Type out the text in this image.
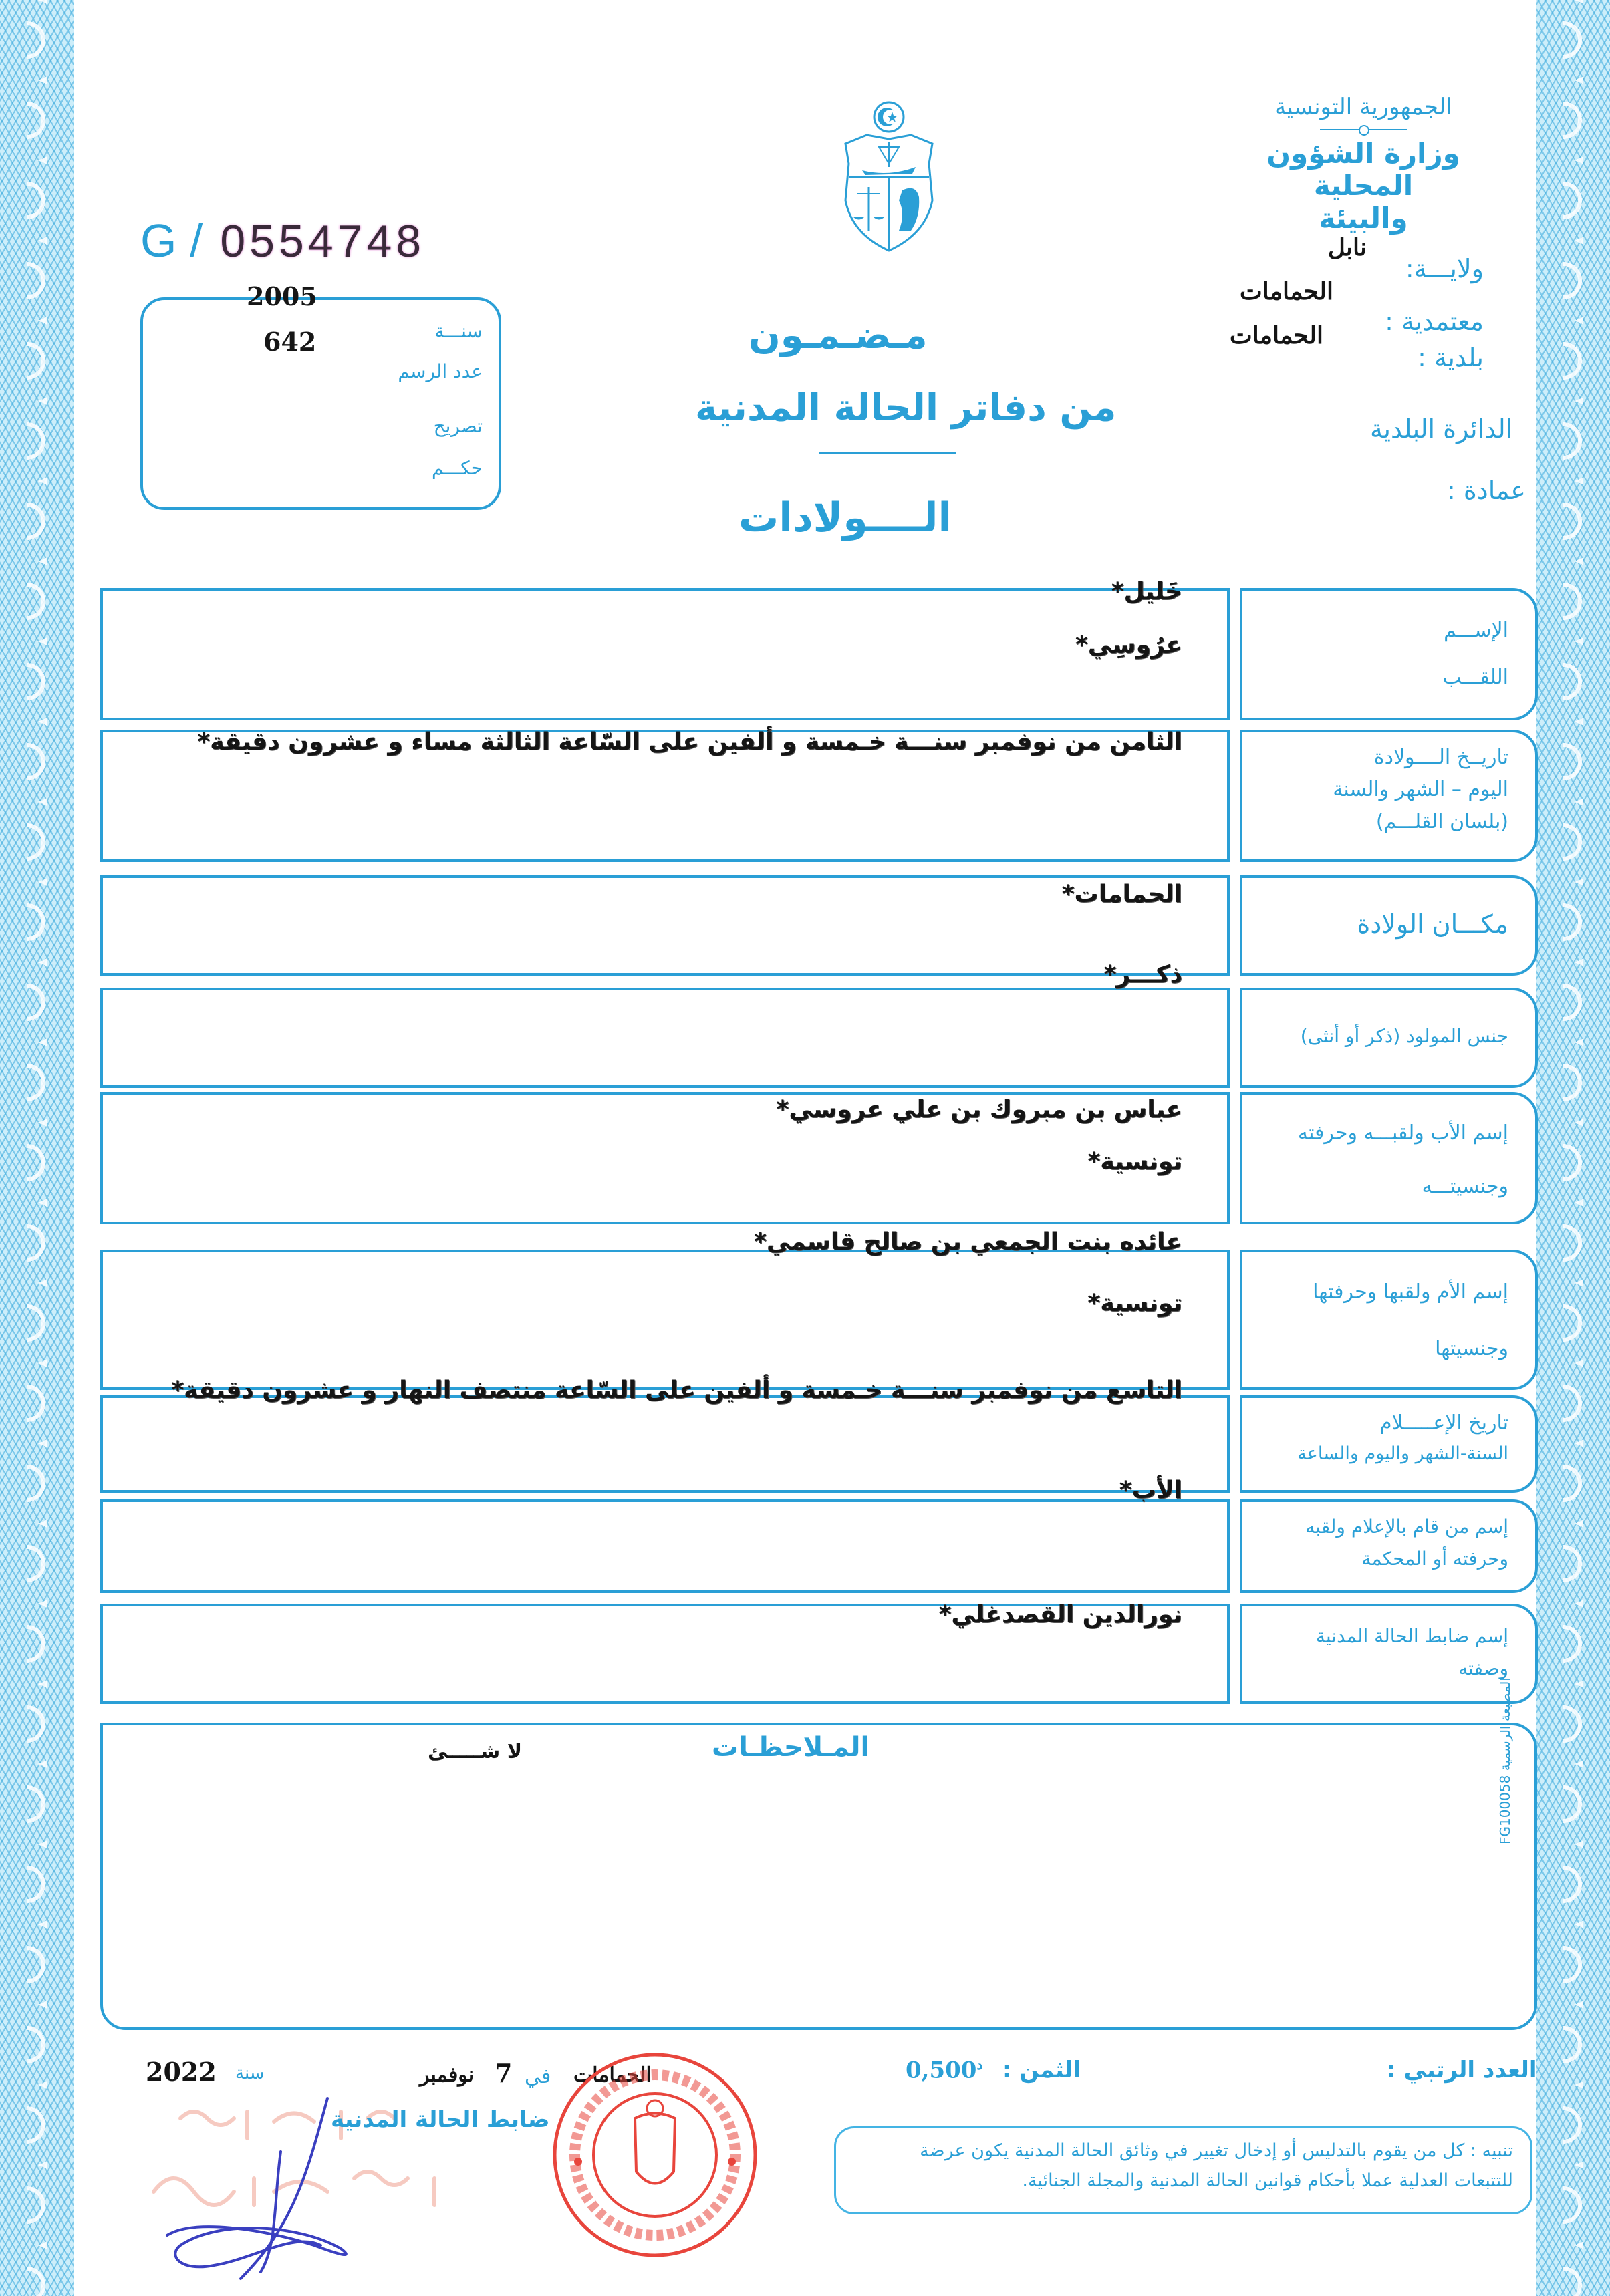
الجمهورية التونسية
وزارة الشؤون المحلية
والبيئة
ولايـــة:
نابل
معتمدية :
الحمامات
بلدية :
الحمامات
الدائرة البلدية
عمادة :
G / 0554748
سنـــة
عدد الرسم
تصريح
حكـــم
2005
642	مـضـمـون
من دفاتر الحالة المدنية
الــــولادات
الإســـم
اللقـــب
خَليل*
عرُوسِي*
تاريــخ الــــولادة
اليوم – الشهر والسنة
(بلسان القلـــم)
الثامن من نوفمبر سنـــة خـمسة و ألفين على السّاعة الثالثة مساء و عشرون دقيقة*
مكـــان الولادة
الحمامات*
جنس المولود (ذكر أو أنثى)
ذكـــر*
إسم الأب ولقبـــه وحرفته
وجنسيتـــه
عباس بن مبروك بن علي عروسي*
تونسية*
إسم الأم ولقبها وحرفتها
وجنسيتها
عائده بنت الجمعي بن صالح قاسمي*
تونسية*
تاريخ الإعـــــلام
السنة-الشهر واليوم والساعة
التاسع من نوفمبر سنـــة خـمسة و ألفين على السّاعة منتصف النهار و عشرون دقيقة*
إسم من قام بالإعلام ولقبه
وحرفته أو المحكمة
الأب*
إسم ضابط الحالة المدنية
وصفته
نورالدين القصدغلي*
المـلاحظـات
لا شـــــئ
المطبعة الرسمية FG100058
العدد الرتبي :
الثمن :
$0,500^د$
الحمامات
في
7
نوفمبر
سنة
2022
ضابط الحالة المدنية
تنبيه : كل من يقوم بالتدليس أو إدخال تغيير في وثائق الحالة المدنية يكون عرضة
للتتبعات العدلية عملا بأحكام قوانين الحالة المدنية والمجلة الجنائية.
